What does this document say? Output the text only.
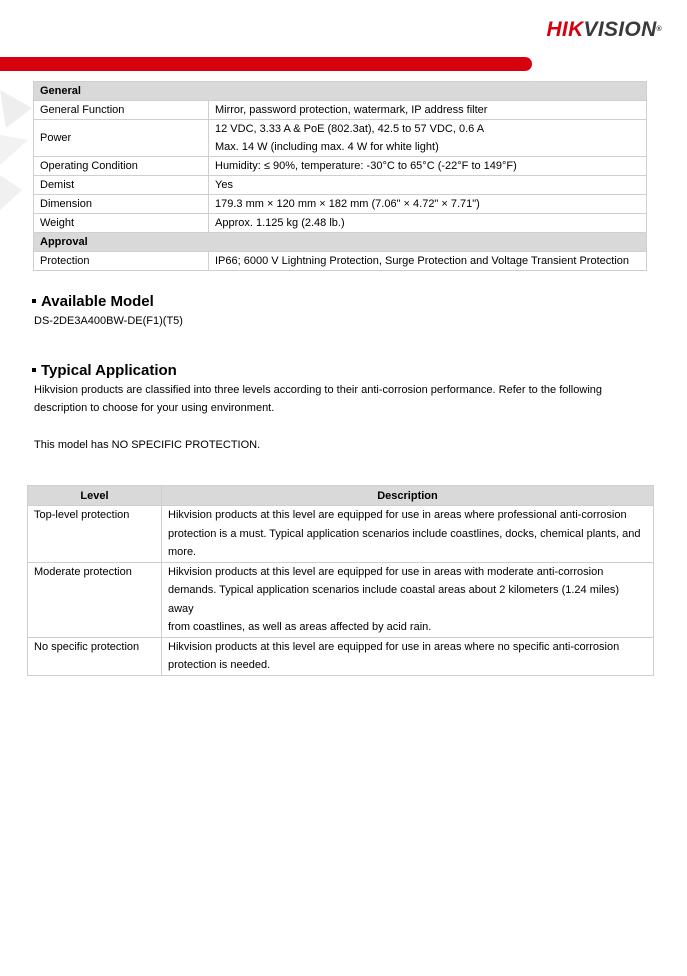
HIKVISION®
General	
General Function	Mirror, password protection, watermark, IP address filter

Power	12 VDC, 3.33 A & PoE (802.3at), 42.5 to 57 VDC, 0.6 A
Max. 14 W (including max. 4 W for white light)

Operating Condition	Humidity: ≤ 90%, temperature: -30°C to 65°C (-22°F to 149°F)

Demist	Yes

Dimension	179.3 mm × 120 mm × 182 mm (7.06" × 4.72" × 7.71")

Weight	Approx. 1.125 kg (2.48 lb.)

Approval	
Protection	IP66; 6000 V Lightning Protection, Surge Protection and Voltage Transient Protection
Available Model
DS-2DE3A400BW-DE(F1)(T5)
Typical Application
Hikvision products are classified into three levels according to their anti-corrosion performance. Refer to the following
description to choose for your using environment.
This model has NO SPECIFIC PROTECTION.
Level	Description
Top-level protection	Hikvision products at this level are equipped for use in areas where professional anti-corrosion
protection is a must. Typical application scenarios include coastlines, docks, chemical plants, and
more.

Moderate protection	Hikvision products at this level are equipped for use in areas with moderate anti-corrosion
demands. Typical application scenarios include coastal areas about 2 kilometers (1.24 miles) away
from coastlines, as well as areas affected by acid rain.

No specific protection	Hikvision products at this level are equipped for use in areas where no specific anti-corrosion
protection is needed.
